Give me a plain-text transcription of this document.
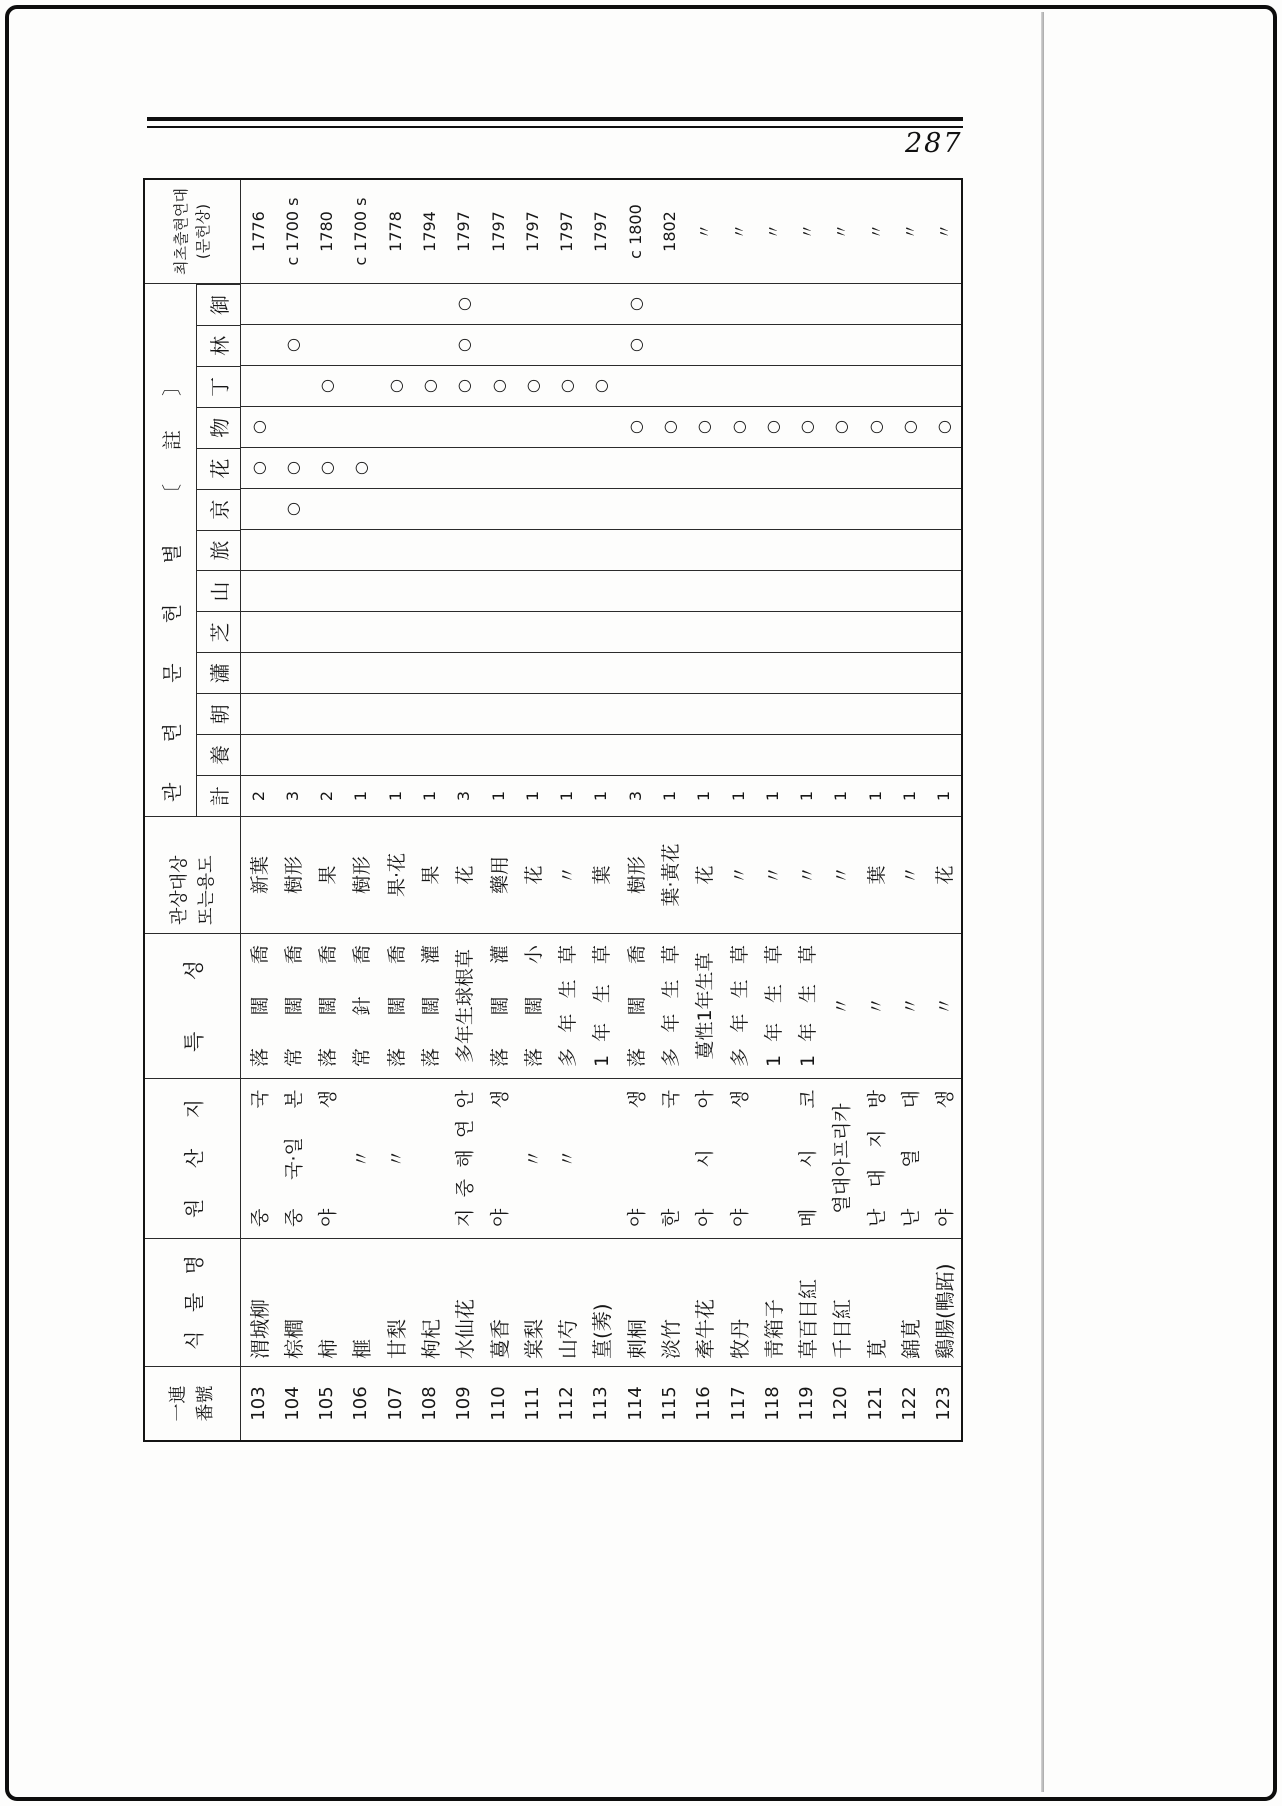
287
一連 番號
식 물 명
원 산 지
특 성
관상대상 또는용도
관 련 문 헌 별 〔註〕	計
養
朝
瀟
芝
山
旅
京
花
物
丁
林
御
최초출현연대 (문헌상)
103
渭城柳
중 국
落 闊 喬
新葉
2
○
○
1776
104
棕櫚
중 국·일 본
常 闊 喬
樹形
3
○
○
○
c 1700 s
105
柿
야 생
落 闊 喬
果
2
○
○
1780
106
榧
〃
常 針 喬
樹形
1
○
c 1700 s
107
甘梨
〃
落 闊 喬
果·花
1
○
1778
108
枸杞
落 闊 灌
果
1
○
1794
109
水仙花
지 중 해 연 안
多年生球根草
花
3
○
○
○
1797
110
蔓香
야 생
落 闊 灌
藥用
1
○
1797
111
棠梨
〃
落 闊 小
花
1
○
1797
112
山芍
〃
多 年 生 草
〃
1
○
1797
113
葟(莠)
1 年 生 草
葉
1
○
1797
114
刺桐
야 생
落 闊 喬
樹形
3
○
○
○
c 1800
115
淡竹
한 국
多 年 生 草
葉·黃花
1
○
1802
116
牽牛花
아 시 아
蔓性1年生草
花
1
○
〃
117
牧丹
야 생
多 年 生 草
〃
1
○
〃
118
靑箱子
1 年 生 草
〃
1
○
〃
119
草百日紅
메 시 코
1 年 生 草
〃
1
○
〃
120
千日紅
열대아프리카
〃
〃
1
○
〃
121
莧
난 대 지 방
〃
葉
1
○
〃
122
錦莧
난 열 대
〃
〃
1
○
〃
123
鷄腸(鴨跖)
야 생
〃
花
1
○
〃
